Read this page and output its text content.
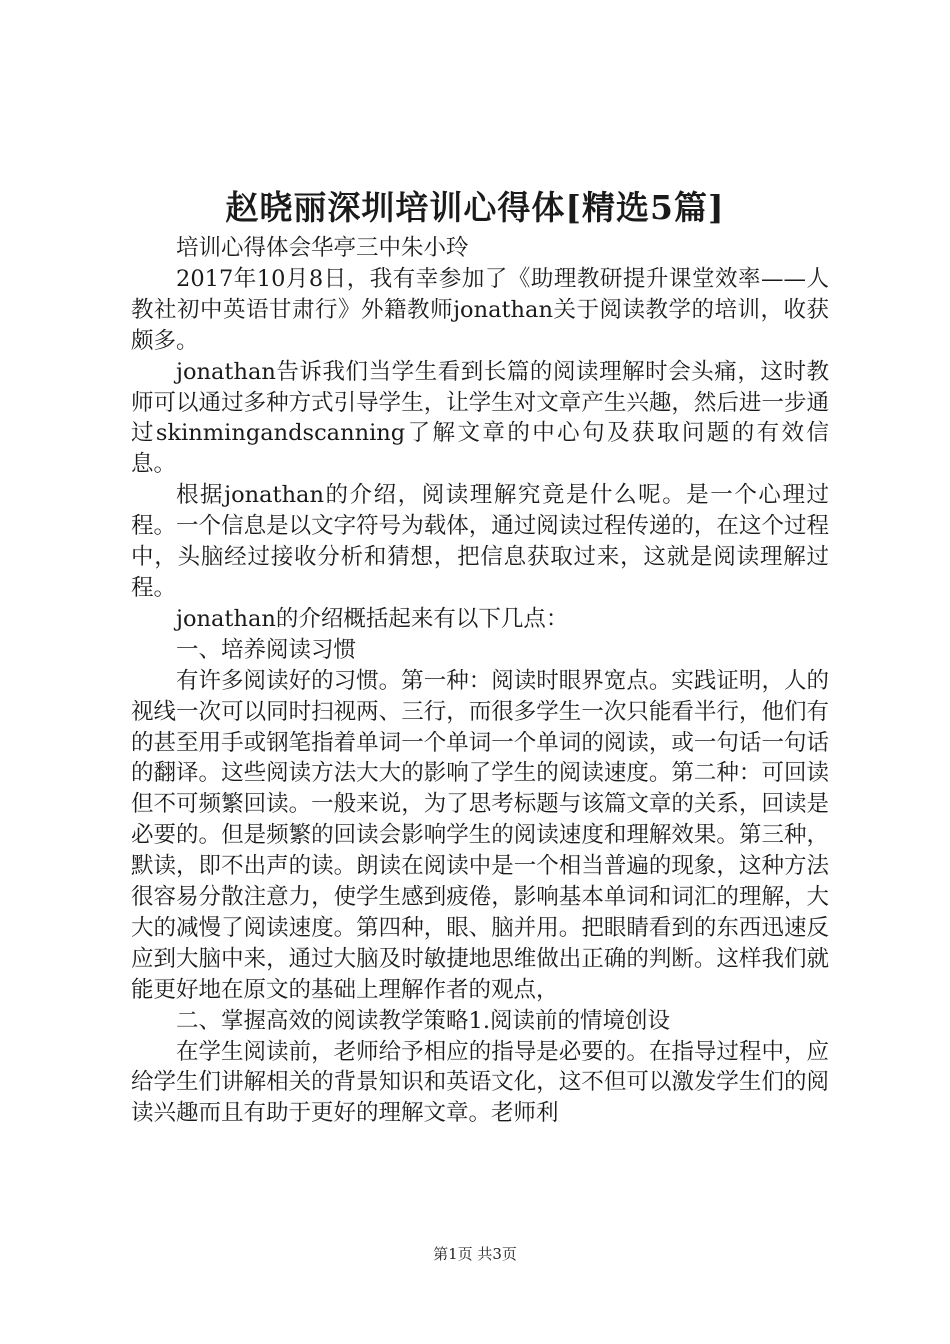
赵晓丽深圳培训心得体[精选5篇]

培训心得体会华亭三中朱小玲

2017年10月8日，我有幸参加了《助理教研提升课堂效率——人教社初中英语甘肃行》外籍教师jonathan关于阅读教学的培训，收获颇多。

jonathan告诉我们当学生看到长篇的阅读理解时会头痛，这时教师可以通过多种方式引导学生，让学生对文章产生兴趣，然后进一步通过skinmingandscanning了解文章的中心句及获取问题的有效信息。

根据jonathan的介绍，阅读理解究竟是什么呢。是一个心理过程。一个信息是以文字符号为载体，通过阅读过程传递的，在这个过程中，头脑经过接收分析和猜想，把信息获取过来，这就是阅读理解过程。

jonathan的介绍概括起来有以下几点：

一、培养阅读习惯

有许多阅读好的习惯。第一种：阅读时眼界宽点。实践证明，人的视线一次可以同时扫视两、三行，而很多学生一次只能看半行，他们有的甚至用手或钢笔指着单词一个单词一个单词的阅读，或一句话一句话的翻译。这些阅读方法大大的影响了学生的阅读速度。第二种：可回读但不可频繁回读。一般来说，为了思考标题与该篇文章的关系，回读是必要的。但是频繁的回读会影响学生的阅读速度和理解效果。第三种，默读，即不出声的读。朗读在阅读中是一个相当普遍的现象，这种方法很容易分散注意力，使学生感到疲倦，影响基本单词和词汇的理解，大大的减慢了阅读速度。第四种，眼、脑并用。把眼睛看到的东西迅速反应到大脑中来，通过大脑及时敏捷地思维做出正确的判断。这样我们就能更好地在原文的基础上理解作者的观点，

二、掌握高效的阅读教学策略1.阅读前的情境创设

在学生阅读前，老师给予相应的指导是必要的。在指导过程中，应给学生们讲解相关的背景知识和英语文化，这不但可以激发学生们的阅读兴趣而且有助于更好的理解文章。老师利

第1页 共3页
